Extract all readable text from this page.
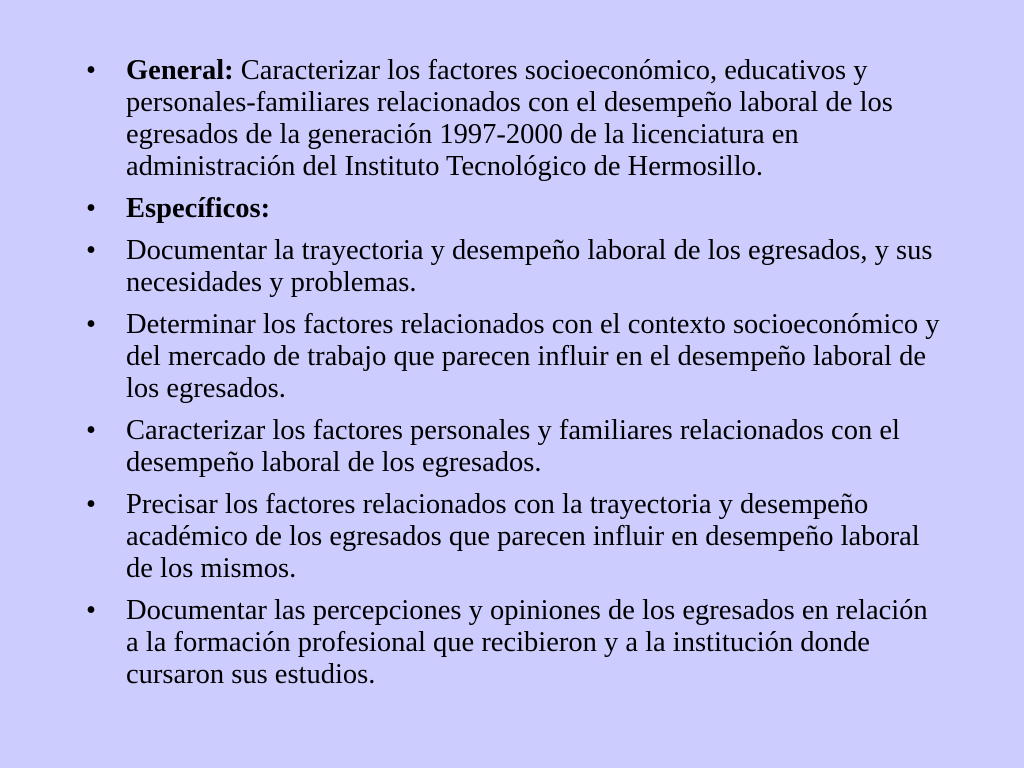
•	General: Caracterizar los factores socioeconómico, educativos y personales-familiares relacionados con el desempeño laboral de los egresados de la generación 1997-2000 de la licenciatura en administración del Instituto Tecnológico de Hermosillo.
•	Específicos:
•	Documentar la trayectoria y desempeño laboral de los egresados, y sus necesidades y problemas.
•	Determinar los factores relacionados con el contexto socioeconómico y del mercado de trabajo que parecen influir en el desempeño laboral de los egresados.
•	Caracterizar los factores personales y familiares relacionados con el desempeño laboral de los egresados.
•	Precisar los factores relacionados con la trayectoria y desempeño académico de los egresados que parecen influir en desempeño laboral de los mismos.
•	Documentar las percepciones y opiniones de los egresados en relación a la formación profesional que recibieron y a la institución donde cursaron sus estudios.
